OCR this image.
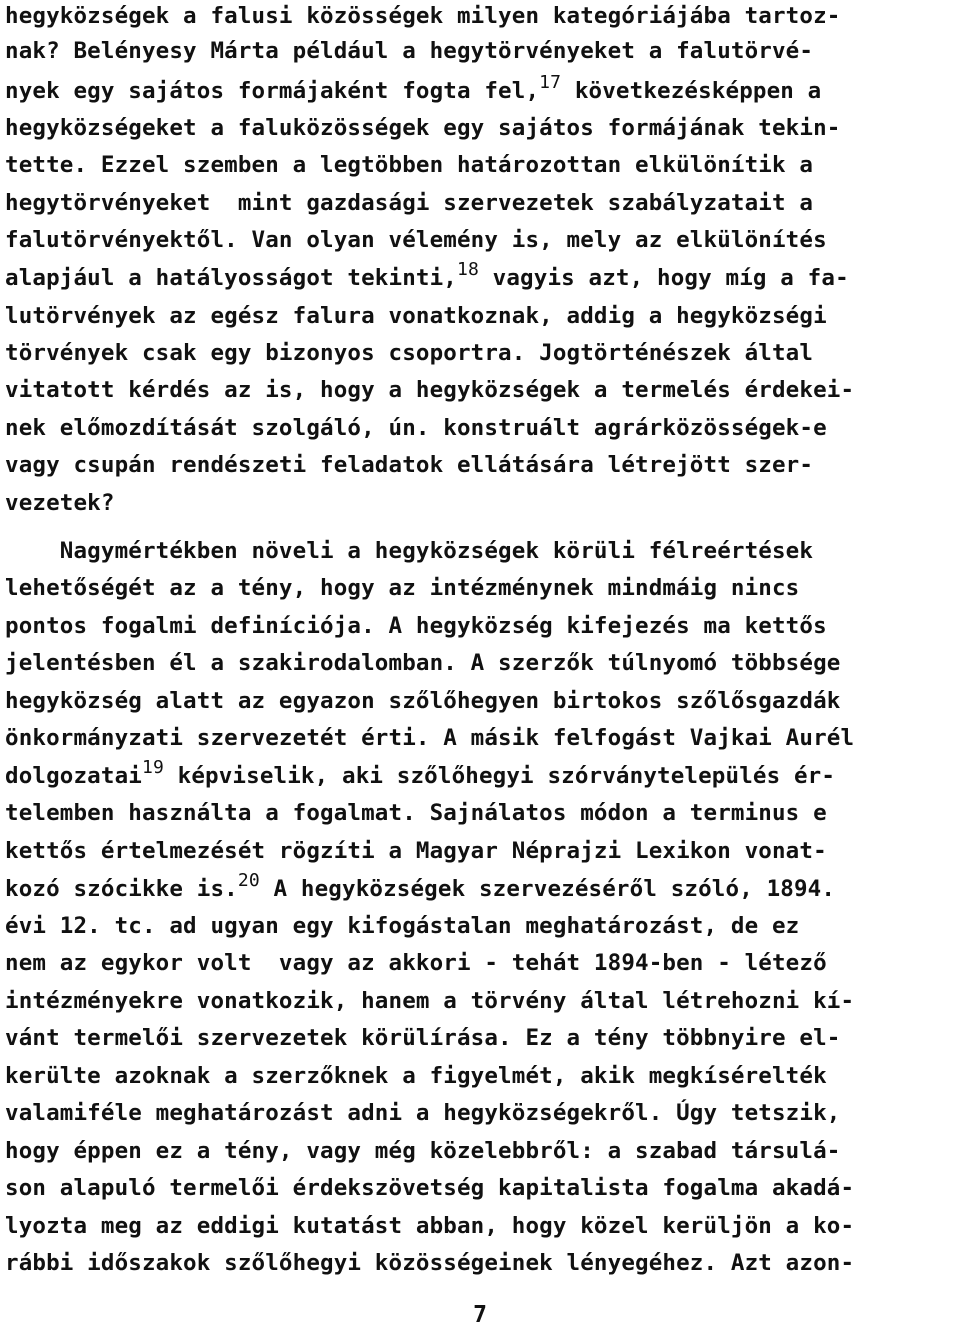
hegyközségek a falusi közösségek milyen kategóriájába tartoz-
nak? Belényesy Márta például a hegytörvényeket a falutörvé-
nyek egy sajátos formájaként fogta fel,$^{17}$ következésképpen a
hegyközségeket a faluközösségek egy sajátos formájának tekin-
tette. Ezzel szemben a legtöbben határozottan elkülönítik a
hegytörvényeket  mint gazdasági szervezetek szabályzatait a
falutörvényektől. Van olyan vélemény is, mely az elkülönítés
alapjául a hatályosságot tekinti,$^{18}$ vagyis azt, hogy míg a fa-
lutörvények az egész falura vonatkoznak, addig a hegyközségi
törvények csak egy bizonyos csoportra. Jogtörténészek által
vitatott kérdés az is, hogy a hegyközségek a termelés érdekei-
nek előmozdítását szolgáló, ún. konstruált agrárközösségek-e
vagy csupán rendészeti feladatok ellátására létrejött szer-
vezetek?
Nagymértékben növeli a hegyközségek körüli félreértések
lehetőségét az a tény, hogy az intézménynek mindmáig nincs
pontos fogalmi definíciója. A hegyközség kifejezés ma kettős
jelentésben él a szakirodalomban. A szerzők túlnyomó többsége
hegyközség alatt az egyazon szőlőhegyen birtokos szőlősgazdák
önkormányzati szervezetét érti. A másik felfogást Vajkai Aurél
dolgozatai$^{19}$ képviselik, aki szőlőhegyi szórványtelepülés ér-
telemben használta a fogalmat. Sajnálatos módon a terminus e
kettős értelmezését rögzíti a Magyar Néprajzi Lexikon vonat-
kozó szócikke is.$^{20}$ A hegyközségek szervezéséről szóló, 1894.
évi 12. tc. ad ugyan egy kifogástalan meghatározást, de ez
nem az egykor volt  vagy az akkori - tehát 1894-ben - létező
intézményekre vonatkozik, hanem a törvény által létrehozni kí-
vánt termelői szervezetek körülírása. Ez a tény többnyire el-
kerülte azoknak a szerzőknek a figyelmét, akik megkísérelték
valamiféle meghatározást adni a hegyközségekről. Úgy tetszik,
hogy éppen ez a tény, vagy még közelebbről: a szabad társulá-
son alapuló termelői érdekszövetség kapitalista fogalma akadá-
lyozta meg az eddigi kutatást abban, hogy közel kerüljön a ko-
rábbi időszakok szőlőhegyi közösségeinek lényegéhez. Azt azon-
7
